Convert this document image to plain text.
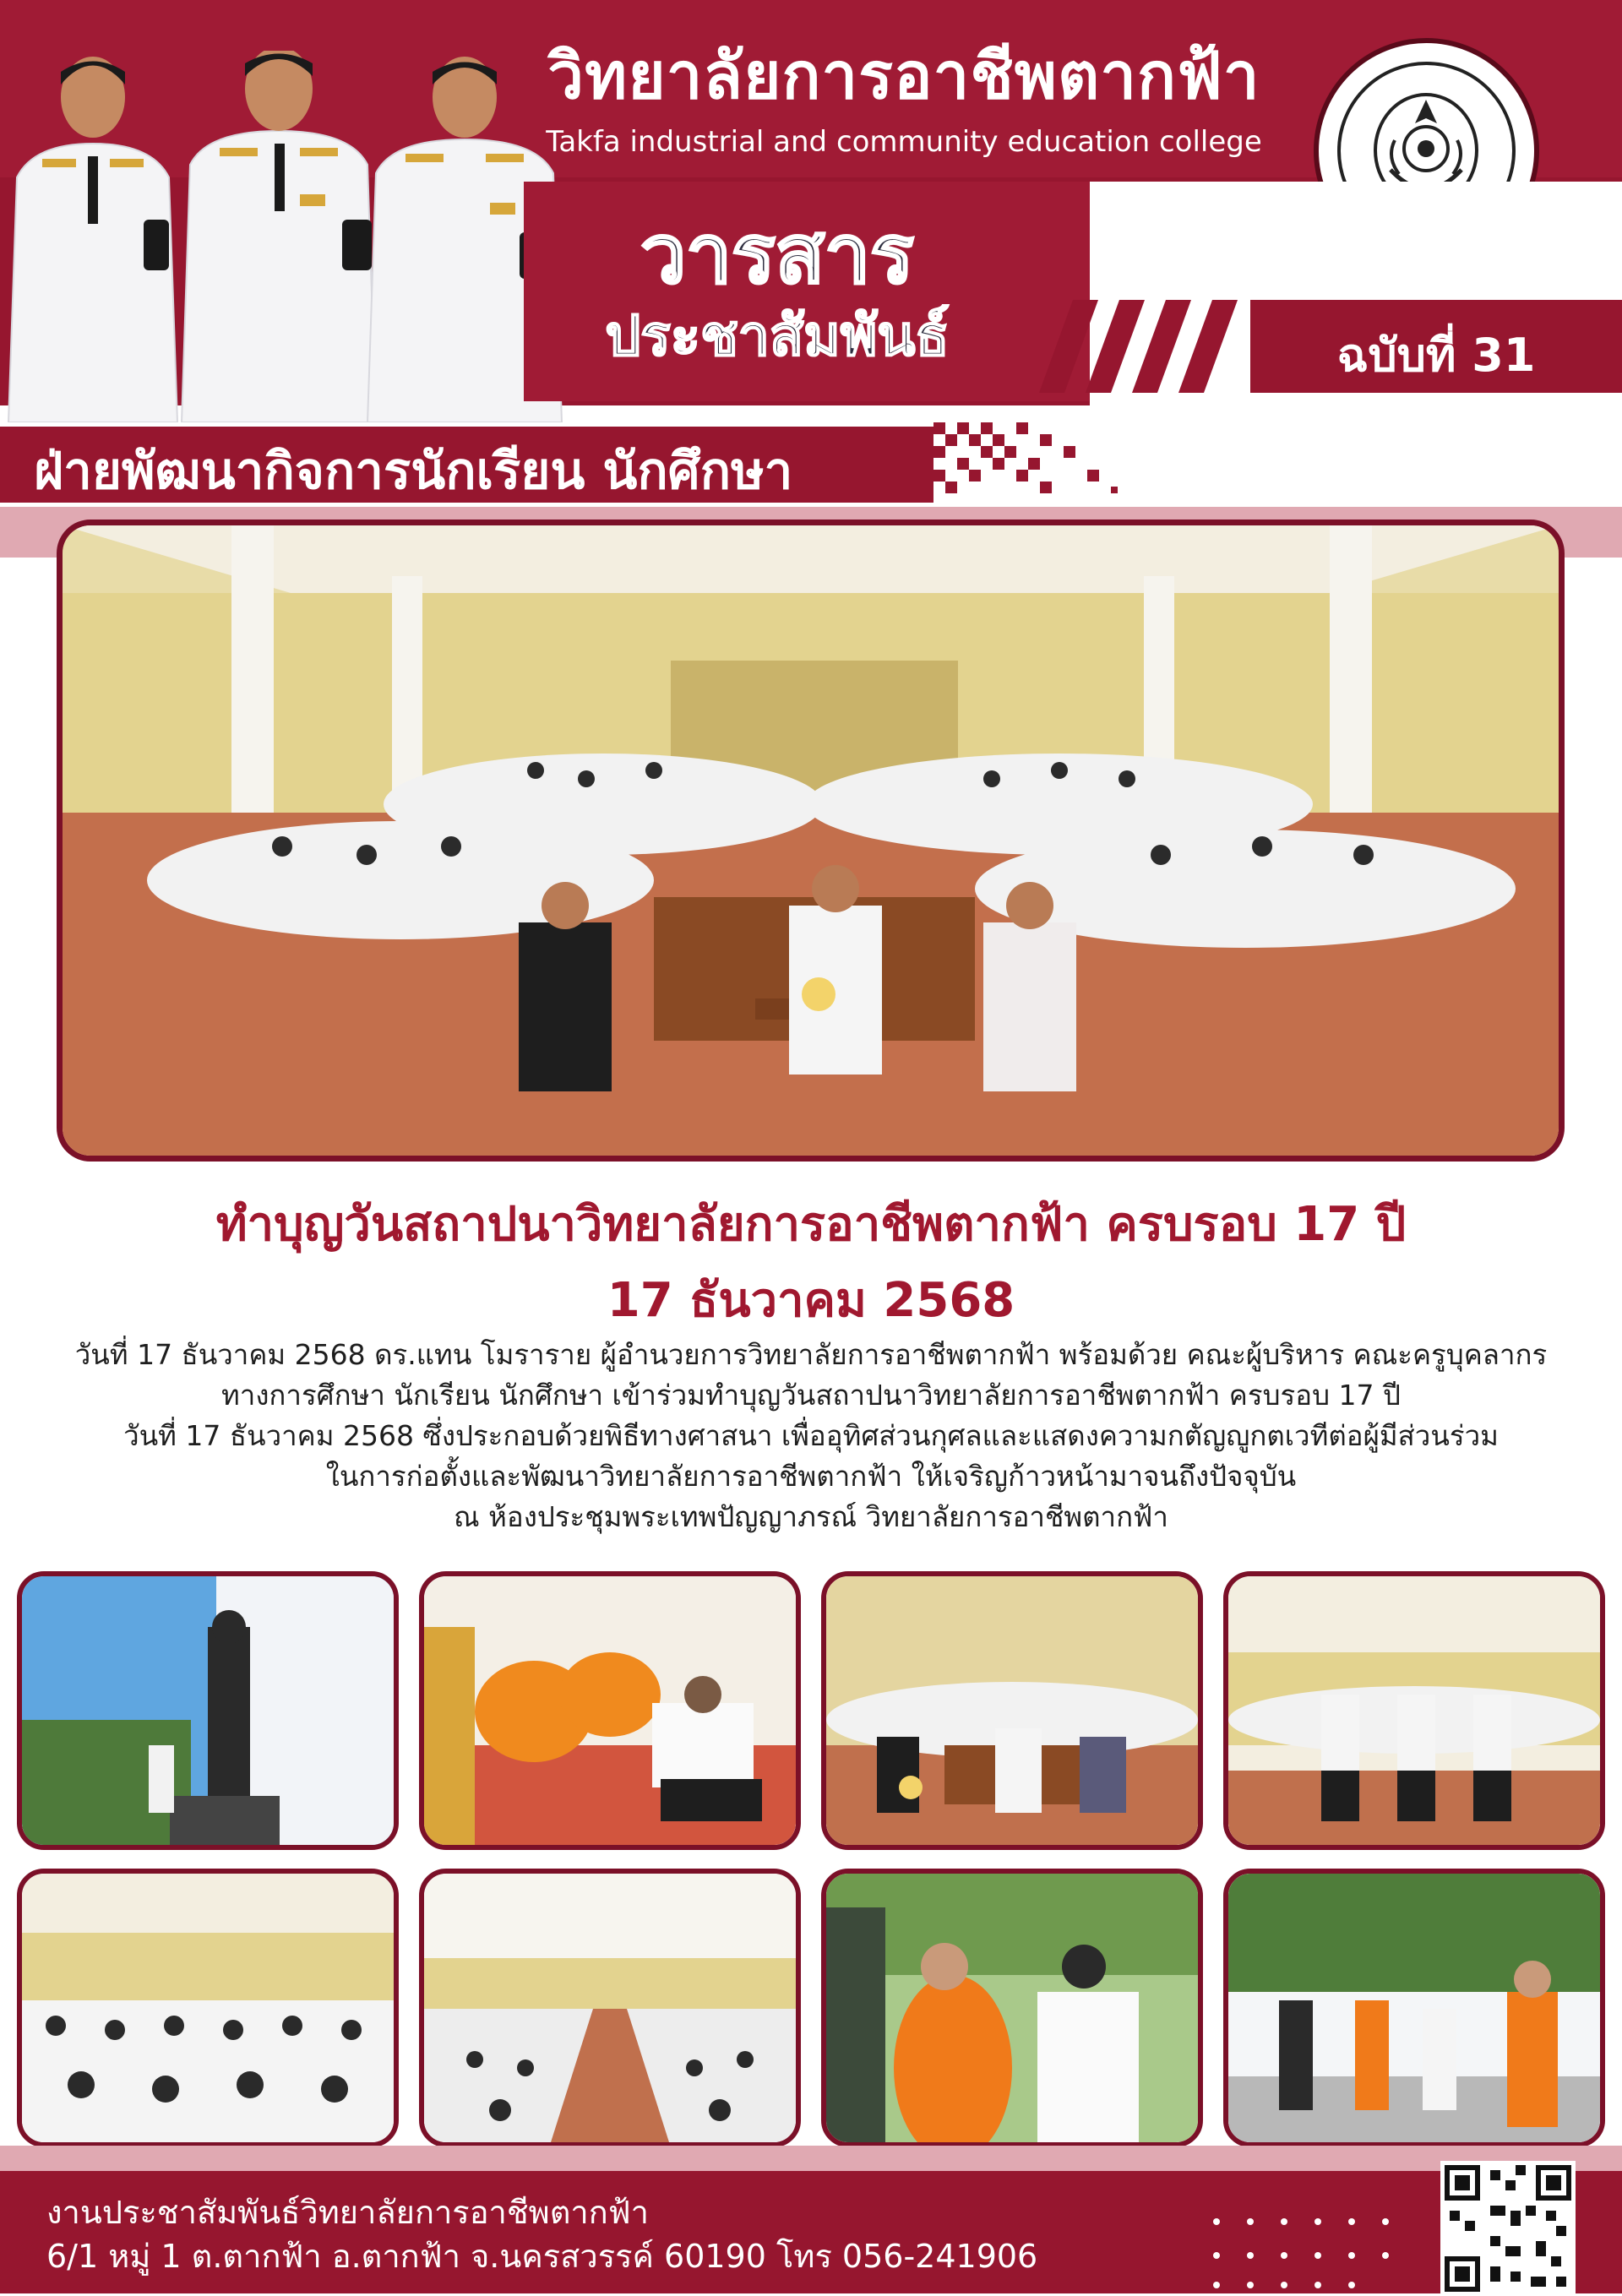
วิทยาลัยการอาชีพตากฟ้า
Takfa industrial and community education college
วารสาร
ประชาสัมพันธ์	ฉบับที่ 31
ฝ่ายพัฒนากิจการนักเรียน นักศึกษา
ทำบุญวันสถาปนาวิทยาลัยการอาชีพตากฟ้า ครบรอบ 17 ปี
17 ธันวาคม 2568

วันที่ 17 ธันวาคม 2568 ดร.แทน โมราราย ผู้อำนวยการวิทยาลัยการอาชีพตากฟ้า พร้อมด้วย คณะผู้บริหาร คณะครูบุคลากร

ทางการศึกษา นักเรียน นักศึกษา เข้าร่วมทำบุญวันสถาปนาวิทยาลัยการอาชีพตากฟ้า ครบรอบ 17 ปี

วันที่ 17 ธันวาคม 2568 ซึ่งประกอบด้วยพิธีทางศาสนา เพื่ออุทิศส่วนกุศลและแสดงความกตัญญูกตเวทีต่อผู้มีส่วนร่วม

ในการก่อตั้งและพัฒนาวิทยาลัยการอาชีพตากฟ้า ให้เจริญก้าวหน้ามาจนถึงปัจจุบัน

ณ ห้องประชุมพระเทพปัญญาภรณ์ วิทยาลัยการอาชีพตากฟ้า

งานประชาสัมพันธ์วิทยาลัยการอาชีพตากฟ้า
6/1 หมู่ 1 ต.ตากฟ้า อ.ตากฟ้า จ.นครสวรรค์ 60190 โทร 056-241906
